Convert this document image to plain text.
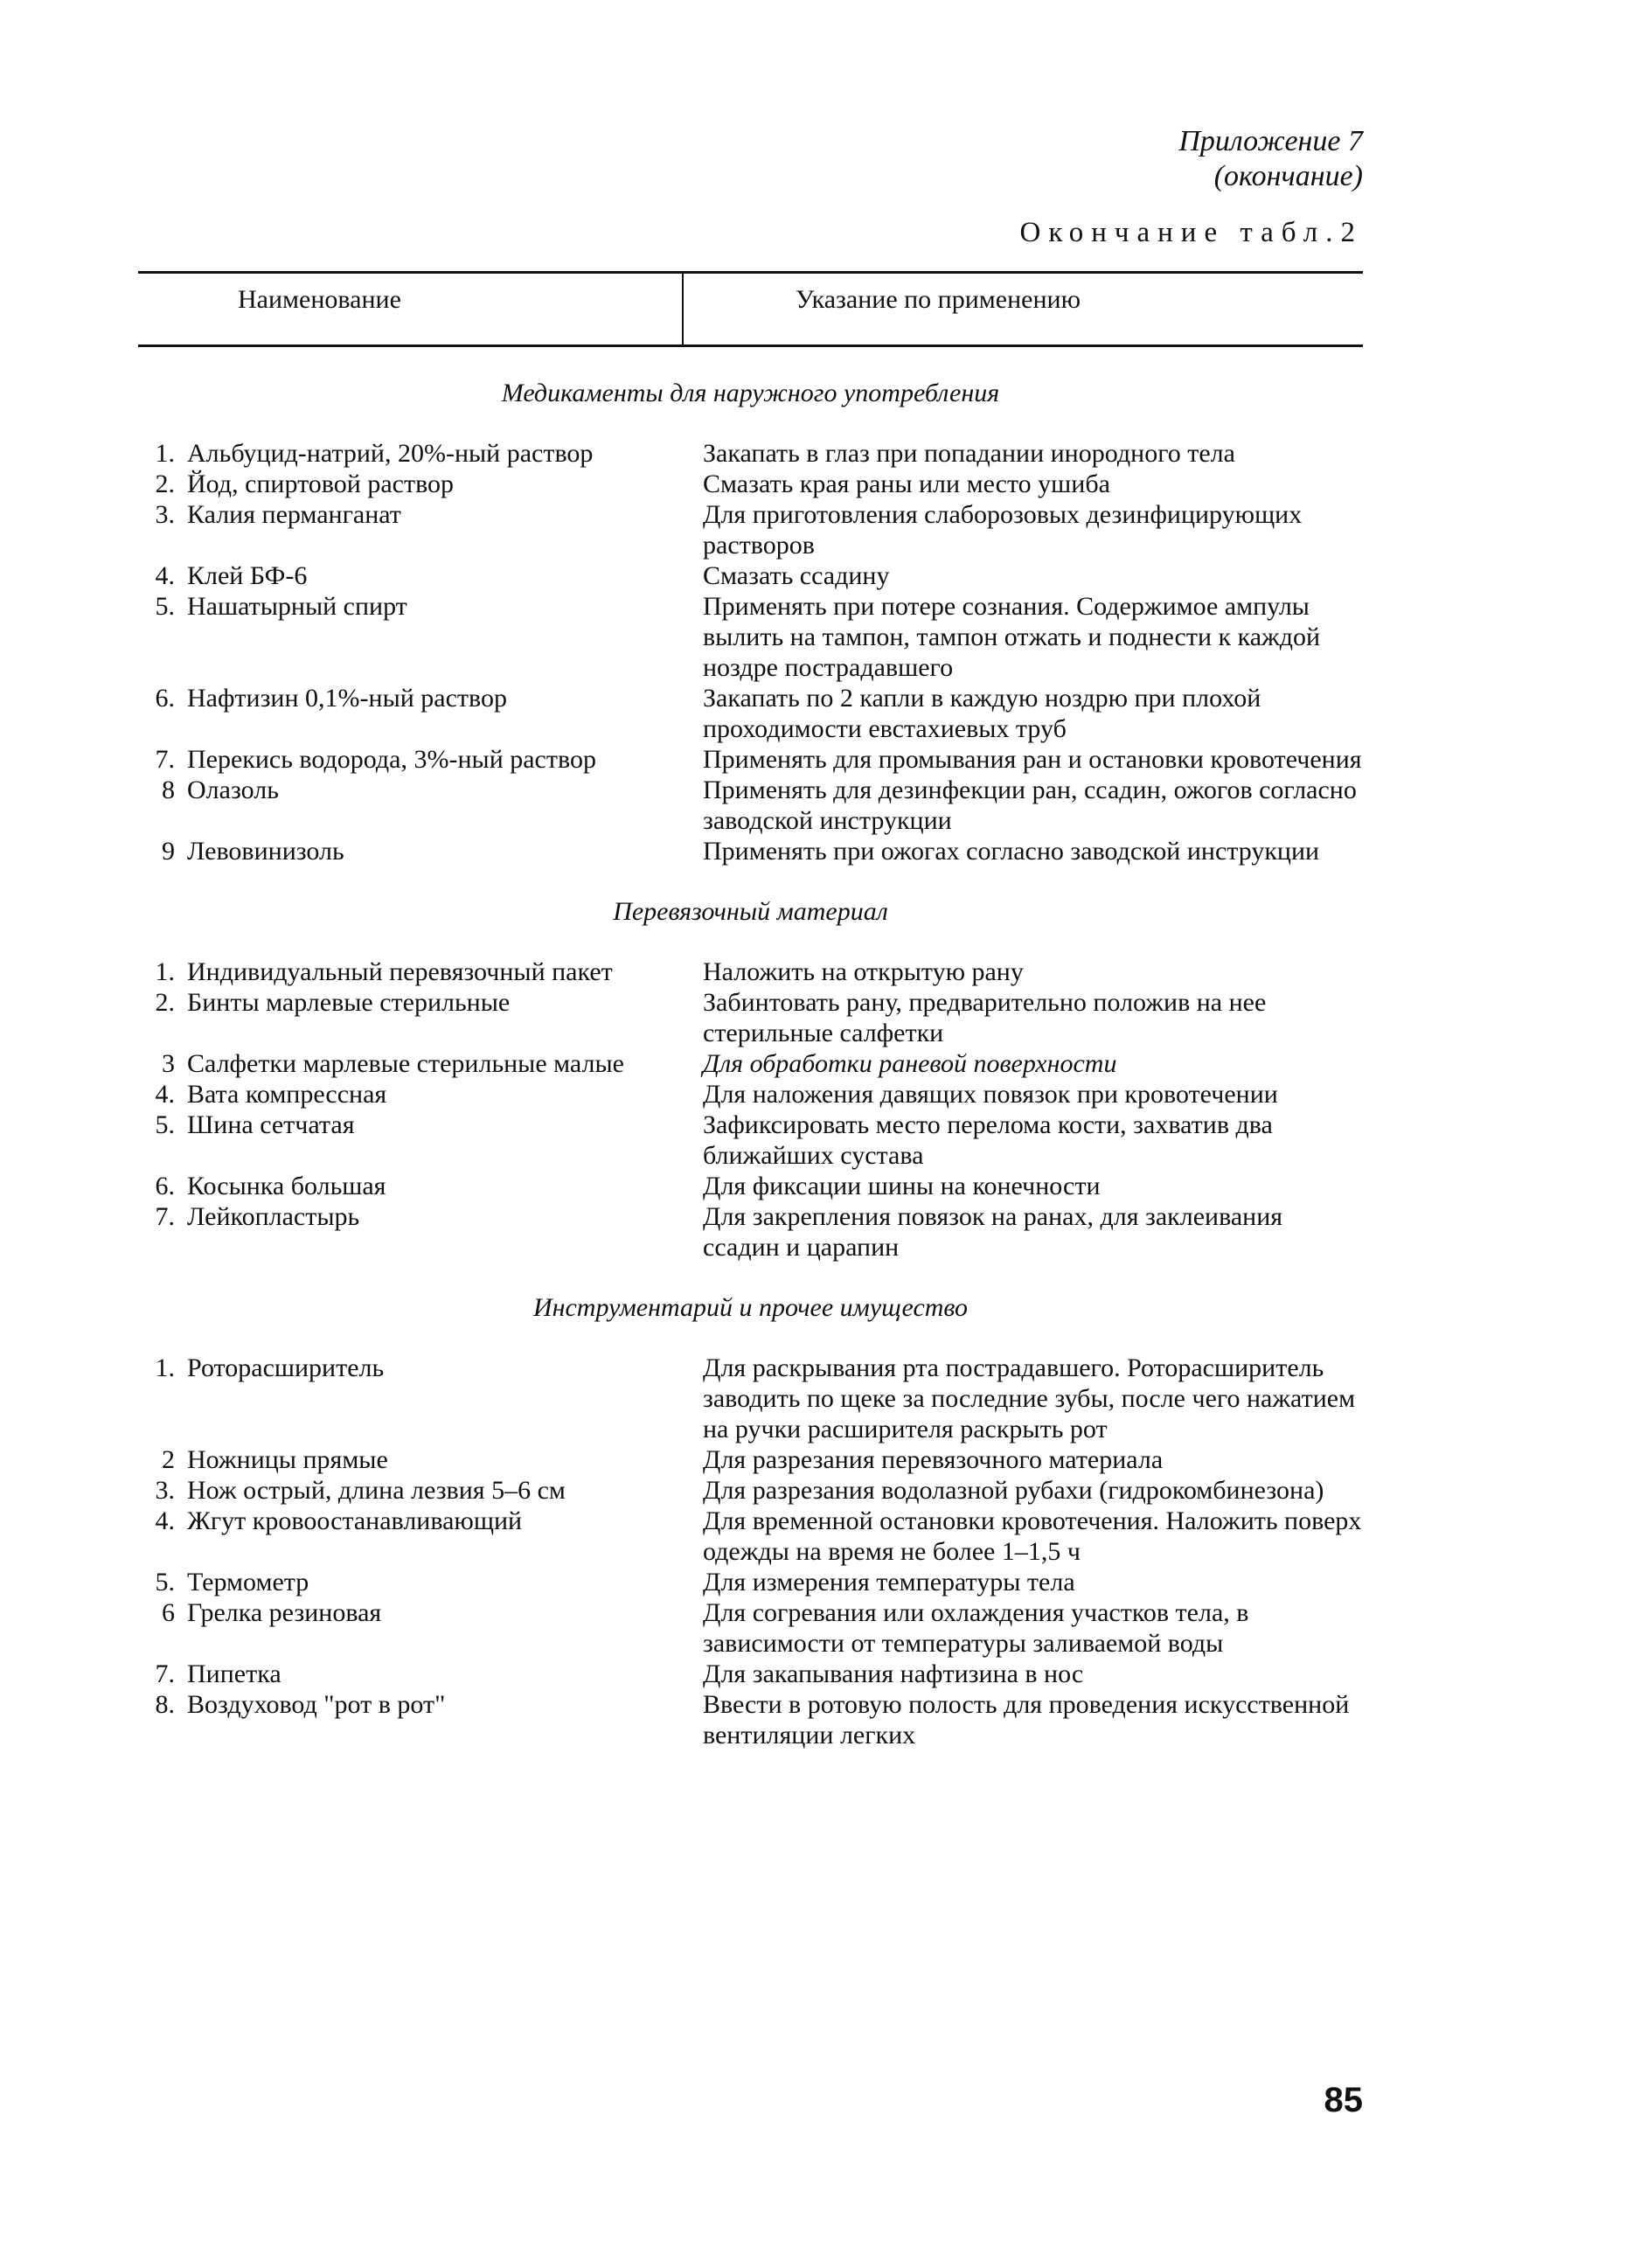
Приложение 7
(окончание)
Окончание табл.2
Наименование	Указание по применению
Медикаменты для наружного употребления
1. Альбуцид-натрий, 20%-ный раствор	Закапать в глаз при попадании инородного тела
2. Йод, спиртовой раствор	Смазать края раны или место ушиба
3. Калия перманганат	Для приготовления слаборозовых дезинфицирующих растворов
4. Клей БФ-6	Смазать ссадину
5. Нашатырный спирт	Применять при потере сознания. Содержимое ампулы вылить на тампон, тампон отжать и поднести к каждой ноздре пострадавшего
6. Нафтизин 0,1%-ный раствор	Закапать по 2 капли в каждую ноздрю при плохой проходимости евстахиевых труб
7. Перекись водорода, 3%-ный раствор	Применять для промывания ран и остановки кровотечения
8 Олазоль	Применять для дезинфекции ран, ссадин, ожогов согласно заводской инструкции
9 Левовинизоль	Применять при ожогах согласно заводской инструкции
Перевязочный материал
1. Индивидуальный перевязочный пакет	Наложить на открытую рану
2. Бинты марлевые стерильные	Забинтовать рану, предварительно положив на нее стерильные салфетки
3 Салфетки марлевые стерильные малые	Для обработки раневой поверхности
4. Вата компрессная	Для наложения давящих повязок при кровотечении
5. Шина сетчатая	Зафиксировать место перелома кости, захватив два ближайших сустава
6. Косынка большая	Для фиксации шины на конечности
7. Лейкопластырь	Для закрепления повязок на ранах, для заклеивания ссадин и царапин
Инструментарий и прочее имущество
1. Роторасширитель	Для раскрывания рта пострадавшего. Роторасширитель заводить по щеке за последние зубы, после чего нажатием на ручки расширителя раскрыть рот
2 Ножницы прямые	Для разрезания перевязочного материала
3. Нож острый, длина лезвия 5–6 см	Для разрезания водолазной рубахи (гидрокомбинезона)
4. Жгут кровоостанавливающий	Для временной остановки кровотечения. Наложить поверх одежды на время не более 1–1,5 ч
5. Термометр	Для измерения температуры тела
6 Грелка резиновая	Для согревания или охлаждения участков тела, в зависимости от температуры заливаемой воды
7. Пипетка	Для закапывания нафтизина в нос
8. Воздуховод "рот в рот"	Ввести в ротовую полость для проведения искусственной вентиляции легких
85
